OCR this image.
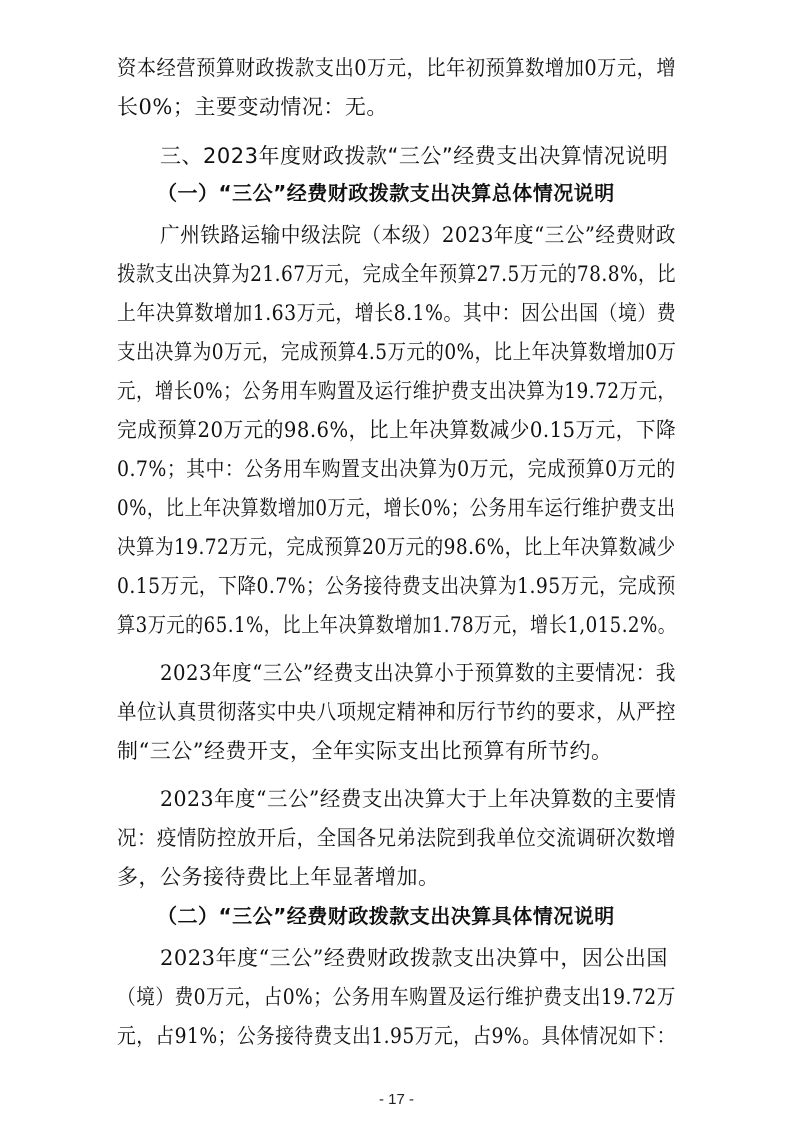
资本经营预算财政拨款支出0万元，比年初预算数增加0万元，增
长0%；主要变动情况：无。
三、2023年度财政拨款“三公”经费支出决算情况说明
（一）“三公”经费财政拨款支出决算总体情况说明
广州铁路运输中级法院（本级）2023年度“三公”经费财政
拨款支出决算为21.67万元，完成全年预算27.5万元的78.8%，比
上年决算数增加1.63万元，增长8.1%。其中：因公出国（境）费
支出决算为0万元，完成预算4.5万元的0%，比上年决算数增加0万
元，增长0%；公务用车购置及运行维护费支出决算为19.72万元，
完成预算20万元的98.6%，比上年决算数减少0.15万元，下降
0.7%；其中：公务用车购置支出决算为0万元，完成预算0万元的
0%，比上年决算数增加0万元，增长0%；公务用车运行维护费支出
决算为19.72万元，完成预算20万元的98.6%，比上年决算数减少
0.15万元，下降0.7%；公务接待费支出决算为1.95万元，完成预
算3万元的65.1%，比上年决算数增加1.78万元，增长1,015.2%。
2023年度“三公”经费支出决算小于预算数的主要情况：我
单位认真贯彻落实中央八项规定精神和厉行节约的要求，从严控
制“三公”经费开支，全年实际支出比预算有所节约。
2023年度“三公”经费支出决算大于上年决算数的主要情
况：疫情防控放开后，全国各兄弟法院到我单位交流调研次数增
多，公务接待费比上年显著增加。
（二）“三公”经费财政拨款支出决算具体情况说明
2023年度“三公”经费财政拨款支出决算中，因公出国
（境）费0万元，占0%；公务用车购置及运行维护费支出19.72万
元，占91%；公务接待费支出1.95万元，占9%。具体情况如下：
- 17 -
